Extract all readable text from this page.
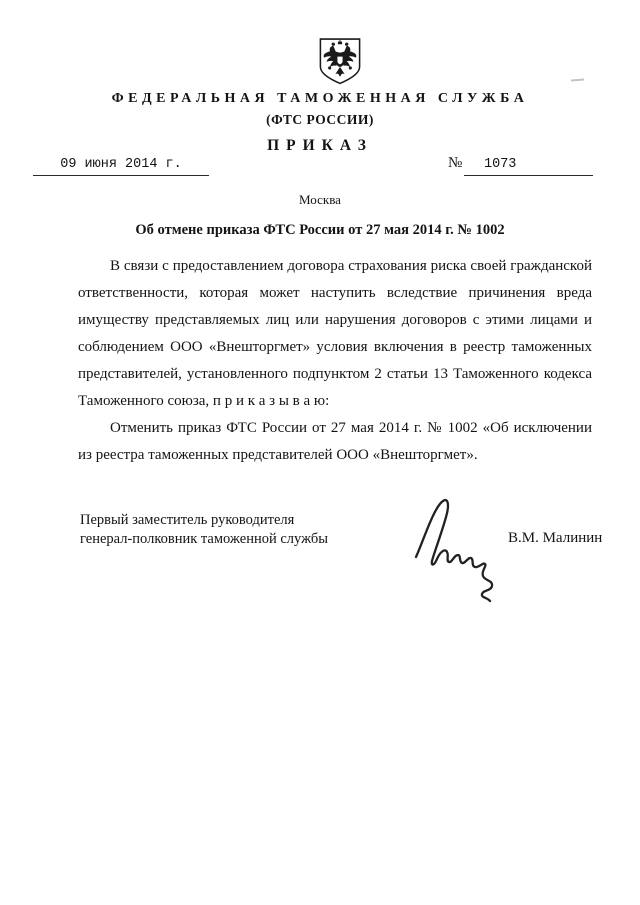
ФЕДЕРАЛЬНАЯ ТАМОЖЕННАЯ СЛУЖБА
(ФТС РОССИИ)
ПРИКАЗ
09 июня 2014 г.	№	1073
Москва
Об отмене приказа ФТС России от 27 мая 2014 г. № 1002

В связи с предоставлением договора страхования риска своей гражданской ответственности, которая может наступить вследствие причинения вреда имуществу представляемых лиц или нарушения договоров с этими лицами и соблюдением ООО «Внешторгмет» условия включения в реестр таможенных представителей, установленного подпунктом 2 статьи 13 Таможенного кодекса Таможенного союза, п р и к а з ы в а ю:

Отменить приказ ФТС России от 27 мая 2014 г. № 1002 «Об исключении из реестра таможенных представителей ООО «Внешторгмет».

Первый заместитель руководителя
генерал-полковник таможенной службы	В.М. Малинин
